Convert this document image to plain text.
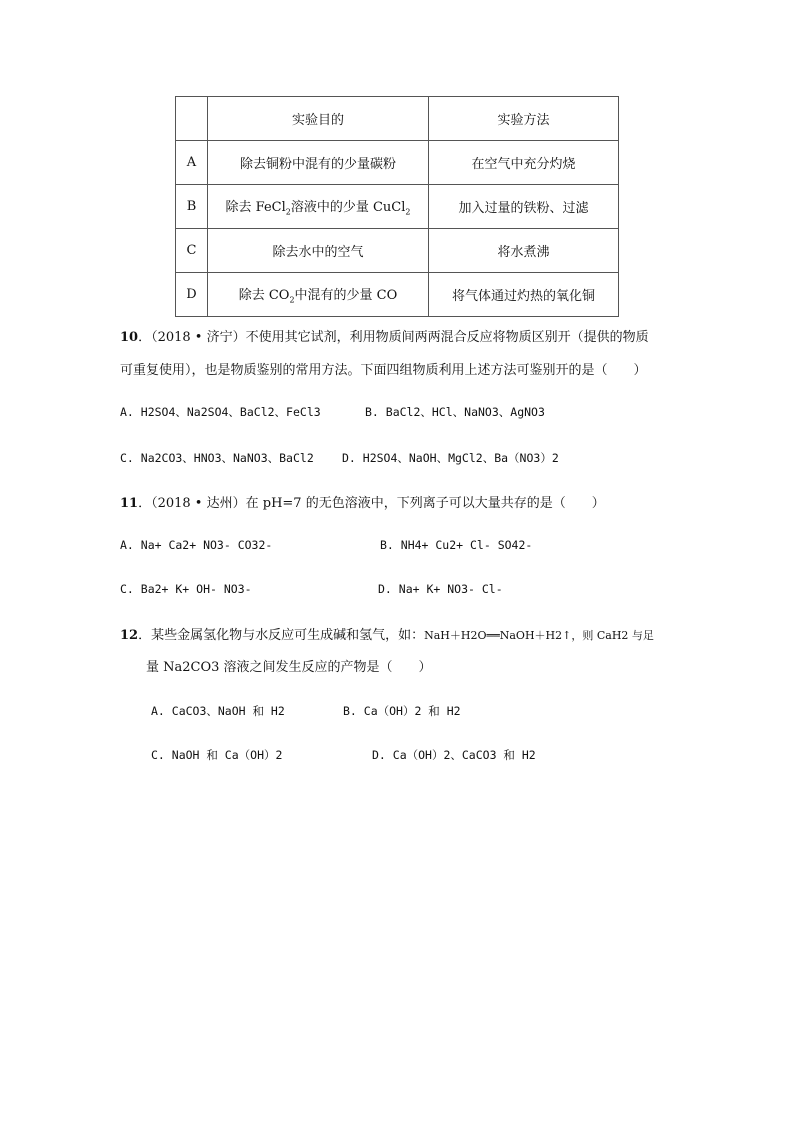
	实验目的	实验方法
A	除去铜粉中混有的少量碳粉	在空气中充分灼烧
B	除去 FeCl$_2$溶液中的少量 CuCl$_2$	加入过量的铁粉、过滤
C	除去水中的空气	将水煮沸
D	除去 $CO_2$中混有的少量 CO	将气体通过灼热的氧化铜
10．（2018 • 济宁）不使用其它试剂，利用物质间两两混合反应将物质区别开（提供的物质
可重复使用），也是物质鉴别的常用方法。下面四组物质利用上述方法可鉴别开的是（　　）
A. H2SO4、Na2SO4、BaCl2、FeCl3	B. BaCl2、HCl、NaNO3、AgNO3
C. Na2CO3、HNO3、NaNO3、BaCl2 D. H2SO4、NaOH、MgCl2、Ba（NO3）2
11．（2018 • 达州）在 pH=7 的无色溶液中，下列离子可以大量共存的是（　　）
A. Na+ Ca2+ NO3- CO32-	B. NH4+ Cu2+ Cl- SO42-
C. Ba2+ K+ OH- NO3-	D. Na+ K+ NO3- Cl-
12．某些金属氢化物与水反应可生成碱和氢气，如：NaH＋H2O══NaOH＋H2↑，则 CaH2 与足
量 Na2CO3 溶液之间发生反应的产物是（　　）
A. CaCO3、NaOH 和 H2	B. Ca（OH）2 和 H2
C. NaOH 和 Ca（OH）2	D. Ca（OH）2、CaCO3 和 H2
